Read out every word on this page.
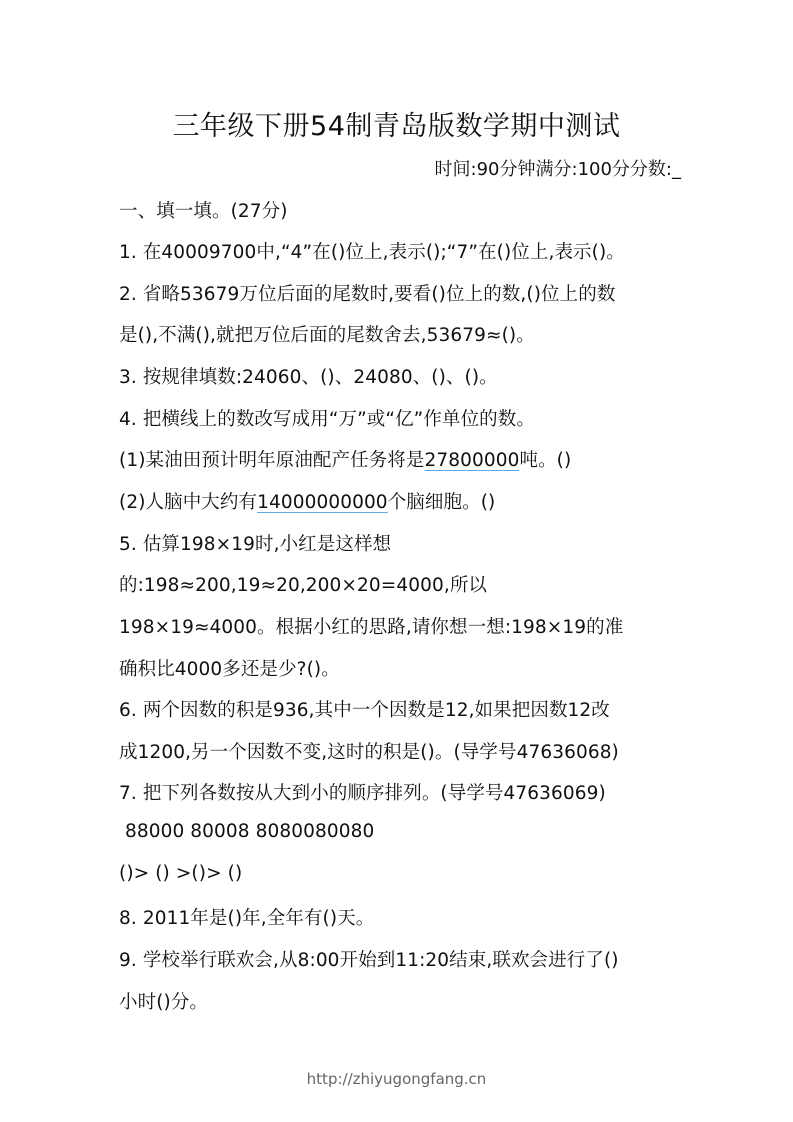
三年级下册54制青岛版数学期中测试
时间:90分钟满分:100分分数:_
一、填一填。(27分)
1. 在40009700中,“4”在()位上,表示();“7”在()位上,表示()。
2. 省略53679万位后面的尾数时,要看()位上的数,()位上的数
是(),不满(),就把万位后面的尾数舍去,53679≈()。
3. 按规律填数:24060、()、24080、()、()。
4. 把横线上的数改写成用“万”或“亿”作单位的数。
(1)某油田预计明年原油配产任务将是27800000吨。()
(2)人脑中大约有14000000000个脑细胞。()
5. 估算198×19时,小红是这样想
的:198≈200,19≈20,200×20=4000,所以
198×19≈4000。根据小红的思路,请你想一想:198×19的准
确积比4000多还是少?()。
6. 两个因数的积是936,其中一个因数是12,如果把因数12改
成1200,另一个因数不变,这时的积是()。(导学号47636068)
7. 把下列各数按从大到小的顺序排列。(导学号47636069)
88000 80008 8080080080
()> () >()> ()
8. 2011年是()年,全年有()天。
9. 学校举行联欢会,从8:00开始到11:20结束,联欢会进行了()
小时()分。
http://zhiyugongfang.cn
